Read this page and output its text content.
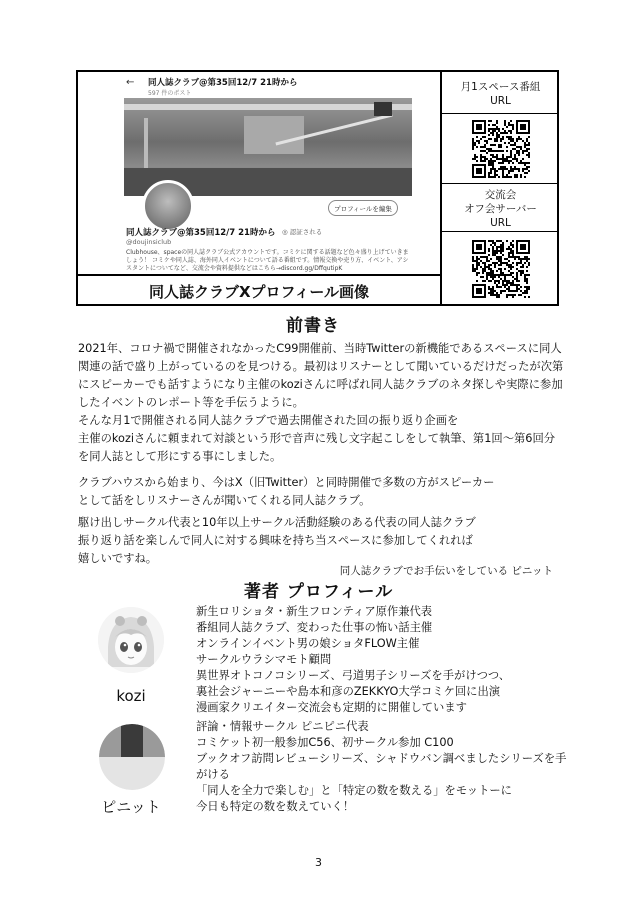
← 同人誌クラブ@第35回12/7 21時から
597 件のポスト
プロフィールを編集
同人誌クラブ@第35回12/7 21時から ◎ 認証される
@doujinsiclub
Clubhouse、spaceの同人誌クラブ公式アカウントです。コミケに関する話題など色々盛り上げていきましょう！ コミケや同人誌、海外同人イベントについて語る番組です。情報交換や売り方、イベント、アシスタントについてなど、交流会や資料提供などはこちら→discord.gg/DffqutipK
同人誌クラブXプロフィール画像
月1スペース番組
URL
交流会
オフ会サーバー
URL
前書き
2021年、コロナ禍で開催されなかったC99開催前、当時Twitterの新機能であるスペースに同人関連の話で盛り上がっているのを見つける。最初はリスナーとして聞いているだけだったが次第にスピーカーでも話すようになり主催のkoziさんに呼ばれ同人誌クラブのネタ探しや実際に参加したイベントのレポート等を手伝うように。
そんな月1で開催される同人誌クラブで過去開催された回の振り返り企画を
主催のkoziさんに頼まれて対談という形で音声に残し文字起こしをして執筆、第1回～第6回分を同人誌として形にする事にしました。
クラブハウスから始まり、今はX（旧Twitter）と同時開催で多数の方がスピーカー
として話をしリスナーさんが聞いてくれる同人誌クラブ。
駆け出しサークル代表と10年以上サークル活動経験のある代表の同人誌クラブ
振り返り話を楽しんで同人に対する興味を持ち当スペースに参加してくれれば
嬉しいですね。
同人誌クラブでお手伝いをしている ピニット
著者 プロフィール
kozi
新生ロリショタ・新生フロンティア原作兼代表
番組同人誌クラブ、変わった仕事の怖い話主催
オンラインイベント男の娘ショタFLOW主催
サークルウラシマモト顧問
異世界オトコノコシリーズ、弓道男子シリーズを手がけつつ、
裏社会ジャーニーや島本和彦のZEKKYO大学コミケ回に出演
漫画家クリエイター交流会も定期的に開催しています
ピニット
評論・情報サークル ピニピニ代表
コミケット初一般参加C56、初サークル参加 C100
ブックオフ訪問レビューシリーズ、シャドウバン調べましたシリーズを手がける
「同人を全力で楽しむ」と「特定の数を数える」をモットーに
今日も特定の数を数えていく！
3
